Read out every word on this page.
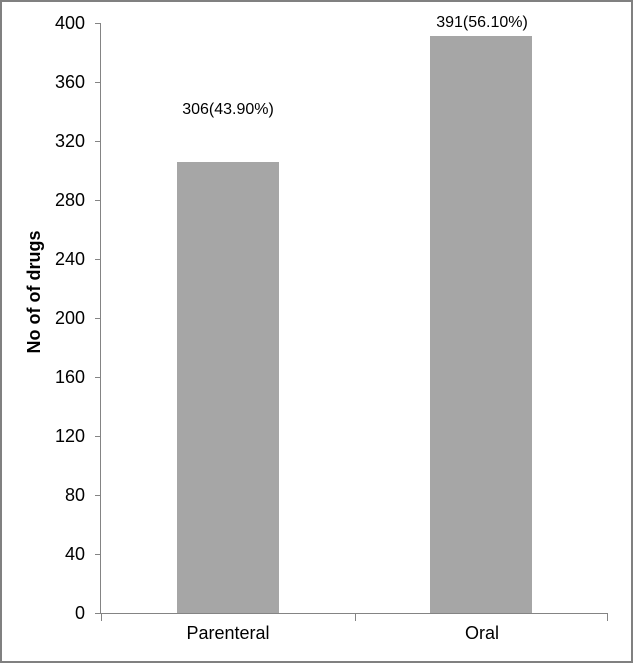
No of of drugs
0
40
80
120
160
200
240
280
320
360
400
306(43.90%)
Parenteral
391(56.10%)
Oral
